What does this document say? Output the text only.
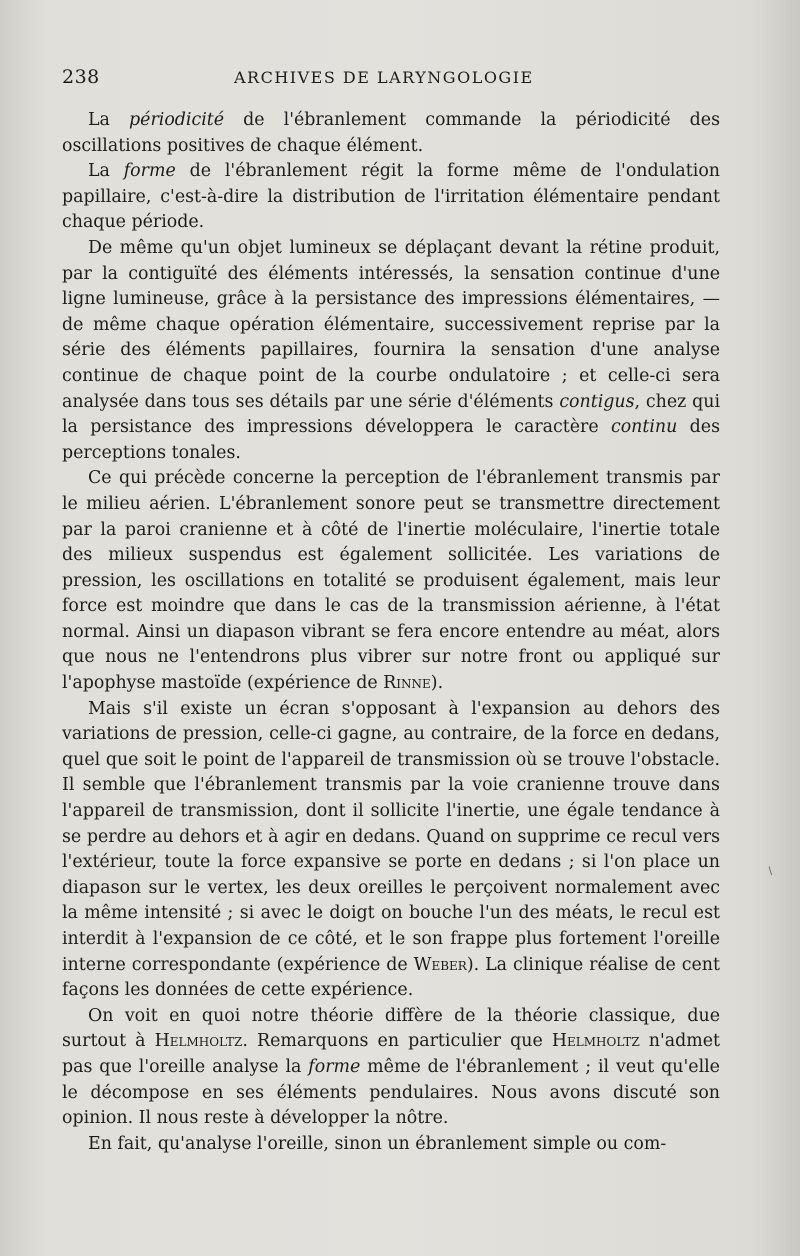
238	ARCHIVES DE LARYNGOLOGIE

La périodicité de l'ébranlement commande la périodicité des oscillations positives de chaque élément.

La forme de l'ébranlement régit la forme même de l'ondulation papillaire, c'est-à-dire la distribution de l'irritation élémentaire pendant chaque période.

De même qu'un objet lumineux se déplaçant devant la rétine produit, par la contiguïté des éléments intéressés, la sensation continue d'une ligne lumineuse, grâce à la persistance des impressions élémentaires, — de même chaque opération élémentaire, successivement reprise par la série des éléments papillaires, fournira la sensation d'une analyse continue de chaque point de la courbe ondulatoire ; et celle-ci sera analysée dans tous ses détails par une série d'éléments contigus, chez qui la persistance des impressions développera le caractère continu des perceptions tonales.

Ce qui précède concerne la perception de l'ébranlement transmis par le milieu aérien. L'ébranlement sonore peut se transmettre directement par la paroi cranienne et à côté de l'inertie moléculaire, l'inertie totale des milieux suspendus est également sollicitée. Les variations de pression, les oscillations en totalité se produisent également, mais leur force est moindre que dans le cas de la transmission aérienne, à l'état normal. Ainsi un diapason vibrant se fera encore entendre au méat, alors que nous ne l'entendrons plus vibrer sur notre front ou appliqué sur l'apophyse mastoïde (expérience de Rinne).

Mais s'il existe un écran s'opposant à l'expansion au dehors des variations de pression, celle-ci gagne, au contraire, de la force en dedans, quel que soit le point de l'appareil de transmission où se trouve l'obstacle. Il semble que l'ébranlement transmis par la voie cranienne trouve dans l'appareil de transmission, dont il sollicite l'inertie, une égale tendance à se perdre au dehors et à agir en dedans. Quand on supprime ce recul vers l'extérieur, toute la force expansive se porte en dedans ; si l'on place un diapason sur le vertex, les deux oreilles le perçoivent normalement avec la même intensité ; si avec le doigt on bouche l'un des méats, le recul est interdit à l'expansion de ce côté, et le son frappe plus fortement l'oreille interne correspondante (expérience de Weber). La clinique réalise de cent façons les données de cette expérience.

On voit en quoi notre théorie diffère de la théorie classique, due surtout à Helmholtz. Remarquons en particulier que Helmholtz n'admet pas que l'oreille analyse la forme même de l'ébranlement ; il veut qu'elle le décompose en ses éléments pendulaires. Nous avons discuté son opinion. Il nous reste à développer la nôtre.

En fait, qu'analyse l'oreille, sinon un ébranlement simple ou com-

\
